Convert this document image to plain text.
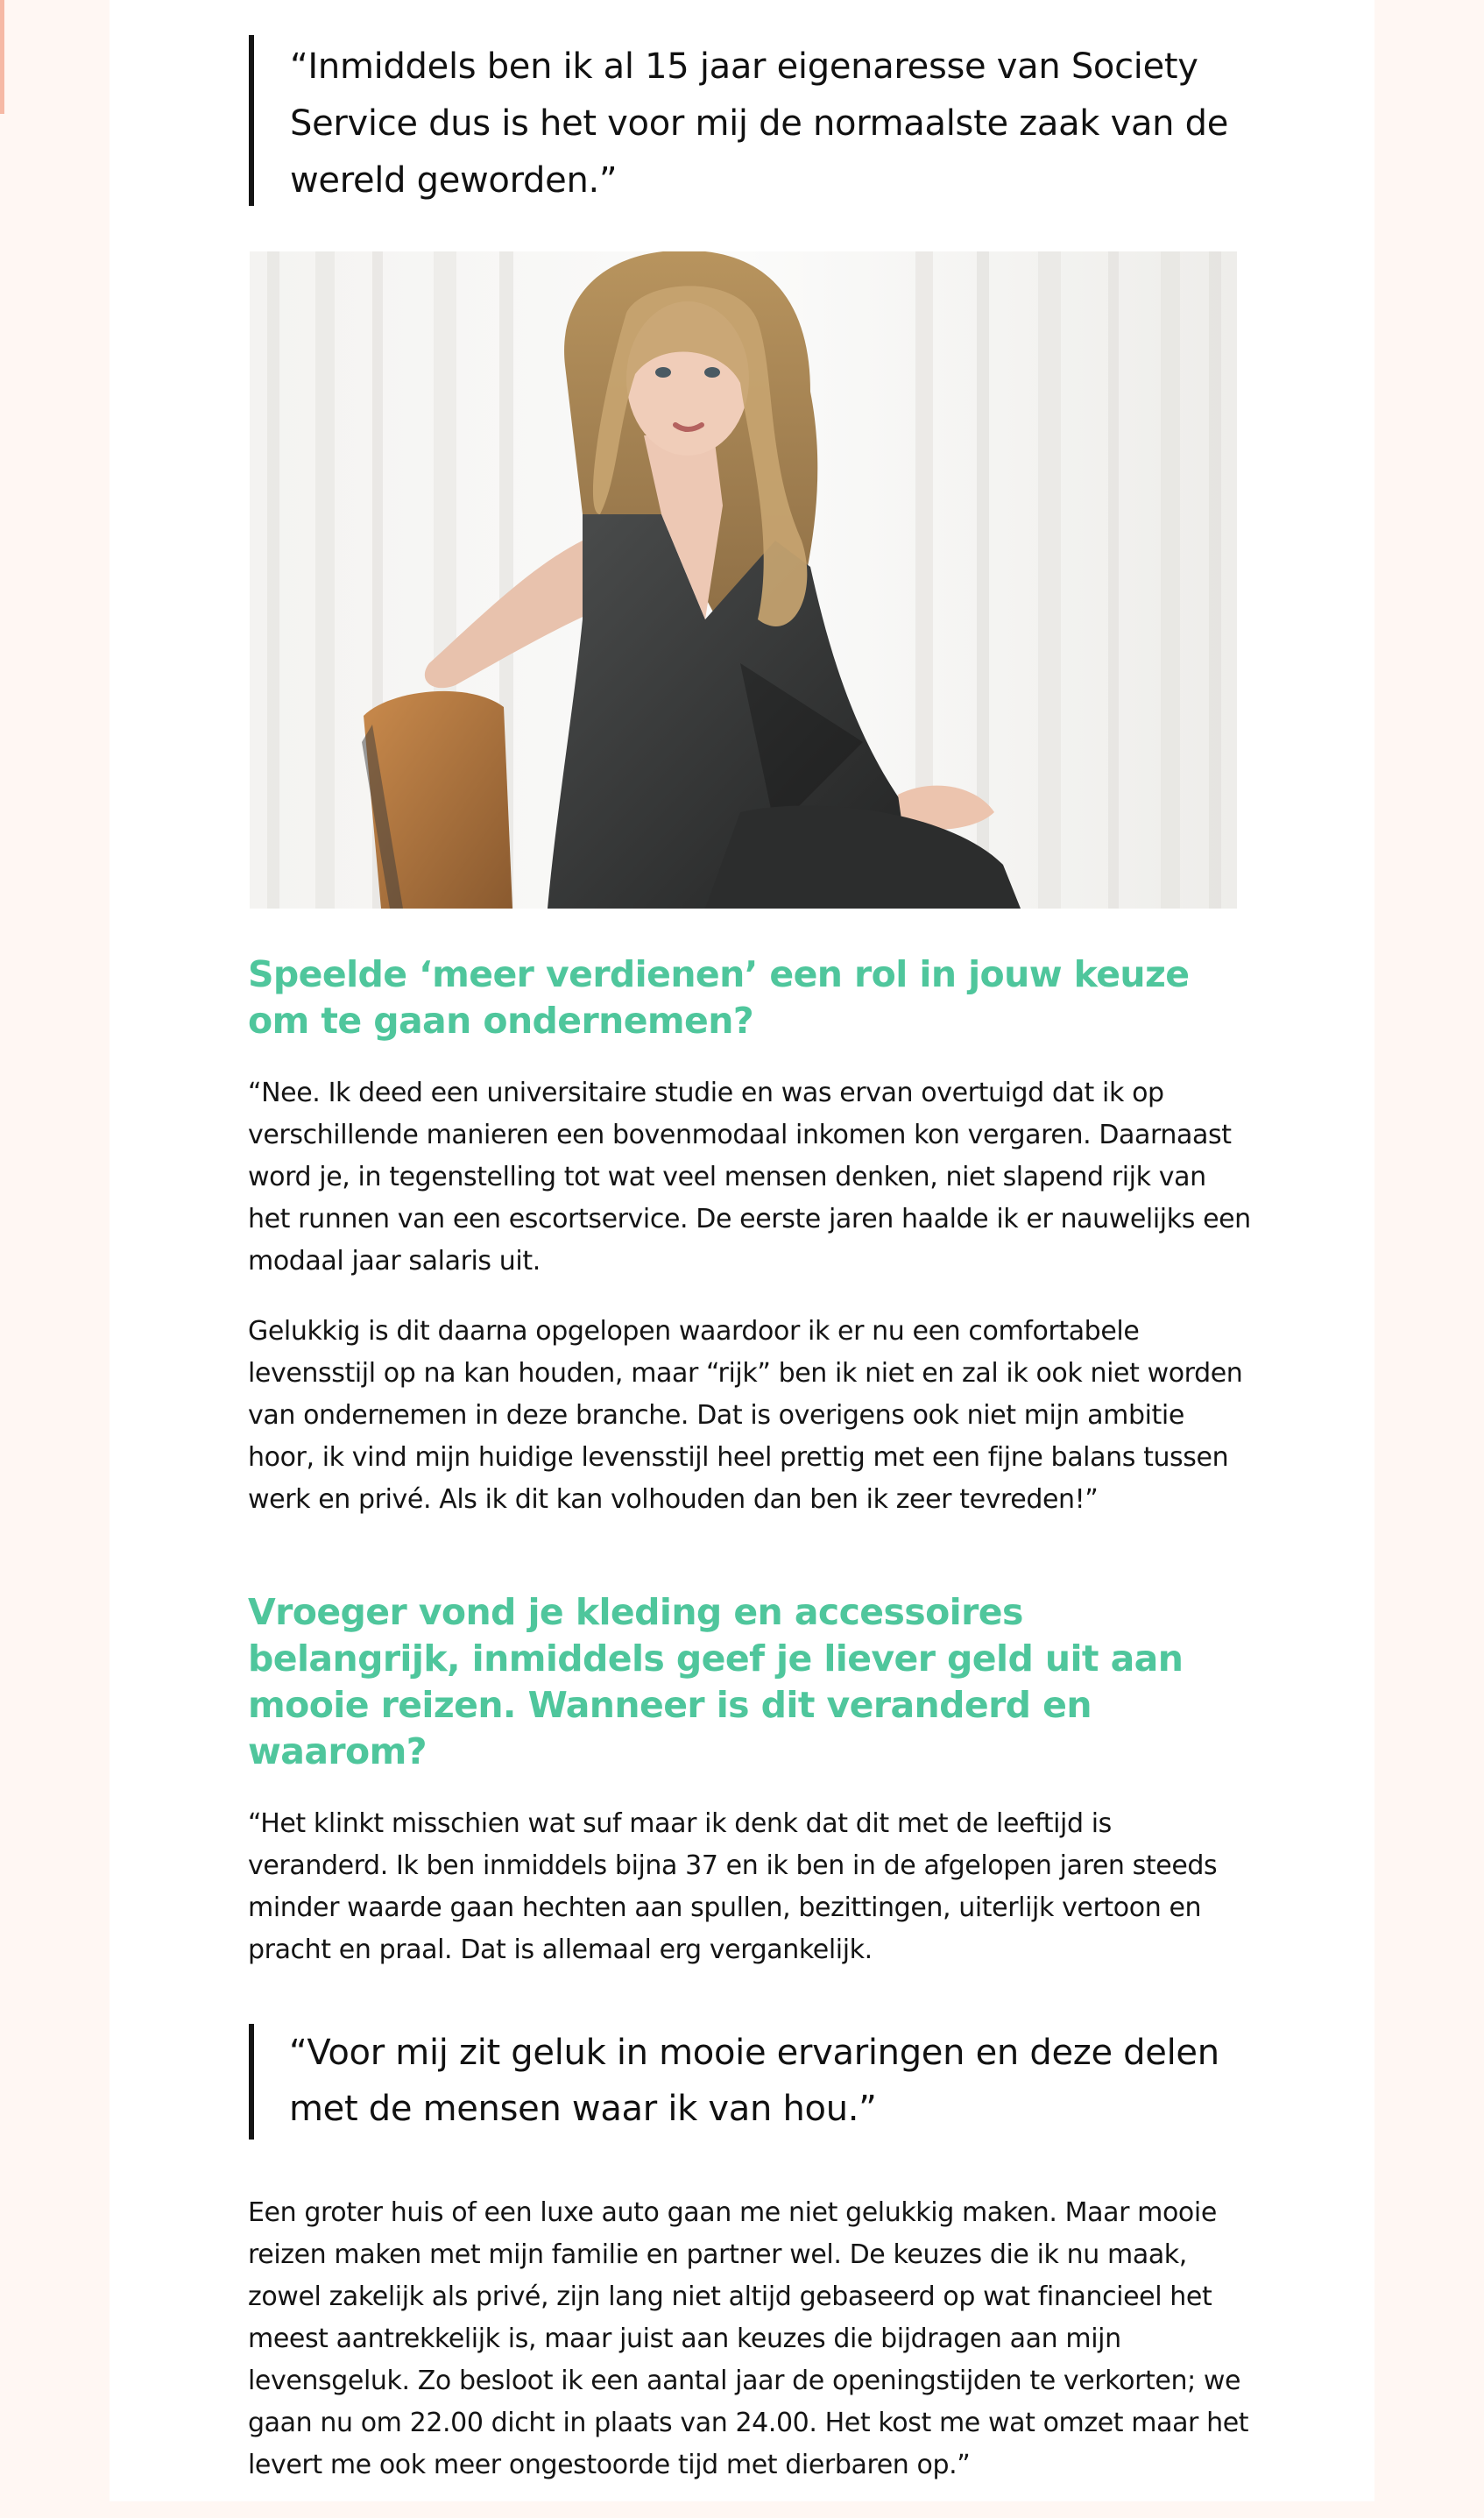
“Inmiddels ben ik al 15 jaar eigenaresse van Society Service dus is het voor mij de normaalste zaak van de wereld geworden.”
Speelde ‘meer verdienen’ een rol in jouw keuze om te gaan ondernemen?

“Nee. Ik deed een universitaire studie en was ervan overtuigd dat ik op verschillende manieren een bovenmodaal inkomen kon vergaren. Daarnaast word je, in tegenstelling tot wat veel mensen denken, niet slapend rijk van het runnen van een escortservice. De eerste jaren haalde ik er nauwelijks een modaal jaar salaris uit.

Gelukkig is dit daarna opgelopen waardoor ik er nu een comfortabele levensstijl op na kan houden, maar “rijk” ben ik niet en zal ik ook niet worden van ondernemen in deze branche. Dat is overigens ook niet mijn ambitie hoor, ik vind mijn huidige levensstijl heel prettig met een fijne balans tussen werk en privé. Als ik dit kan volhouden dan ben ik zeer tevreden!”

Vroeger vond je kleding en accessoires belangrijk, inmiddels geef je liever geld uit aan mooie reizen. Wanneer is dit veranderd en waarom?

“Het klinkt misschien wat suf maar ik denk dat dit met de leeftijd is veranderd. Ik ben inmiddels bijna 37 en ik ben in de afgelopen jaren steeds minder waarde gaan hechten aan spullen, bezittingen, uiterlijk vertoon en pracht en praal. Dat is allemaal erg vergankelijk.

“Voor mij zit geluk in mooie ervaringen en deze delen met de mensen waar ik van hou.”

Een groter huis of een luxe auto gaan me niet gelukkig maken. Maar mooie reizen maken met mijn familie en partner wel. De keuzes die ik nu maak, zowel zakelijk als privé, zijn lang niet altijd gebaseerd op wat financieel het meest aantrekkelijk is, maar juist aan keuzes die bijdragen aan mijn levensgeluk. Zo besloot ik een aantal jaar de openingstijden te verkorten; we gaan nu om 22.00 dicht in plaats van 24.00. Het kost me wat omzet maar het levert me ook meer ongestoorde tijd met dierbaren op.”
